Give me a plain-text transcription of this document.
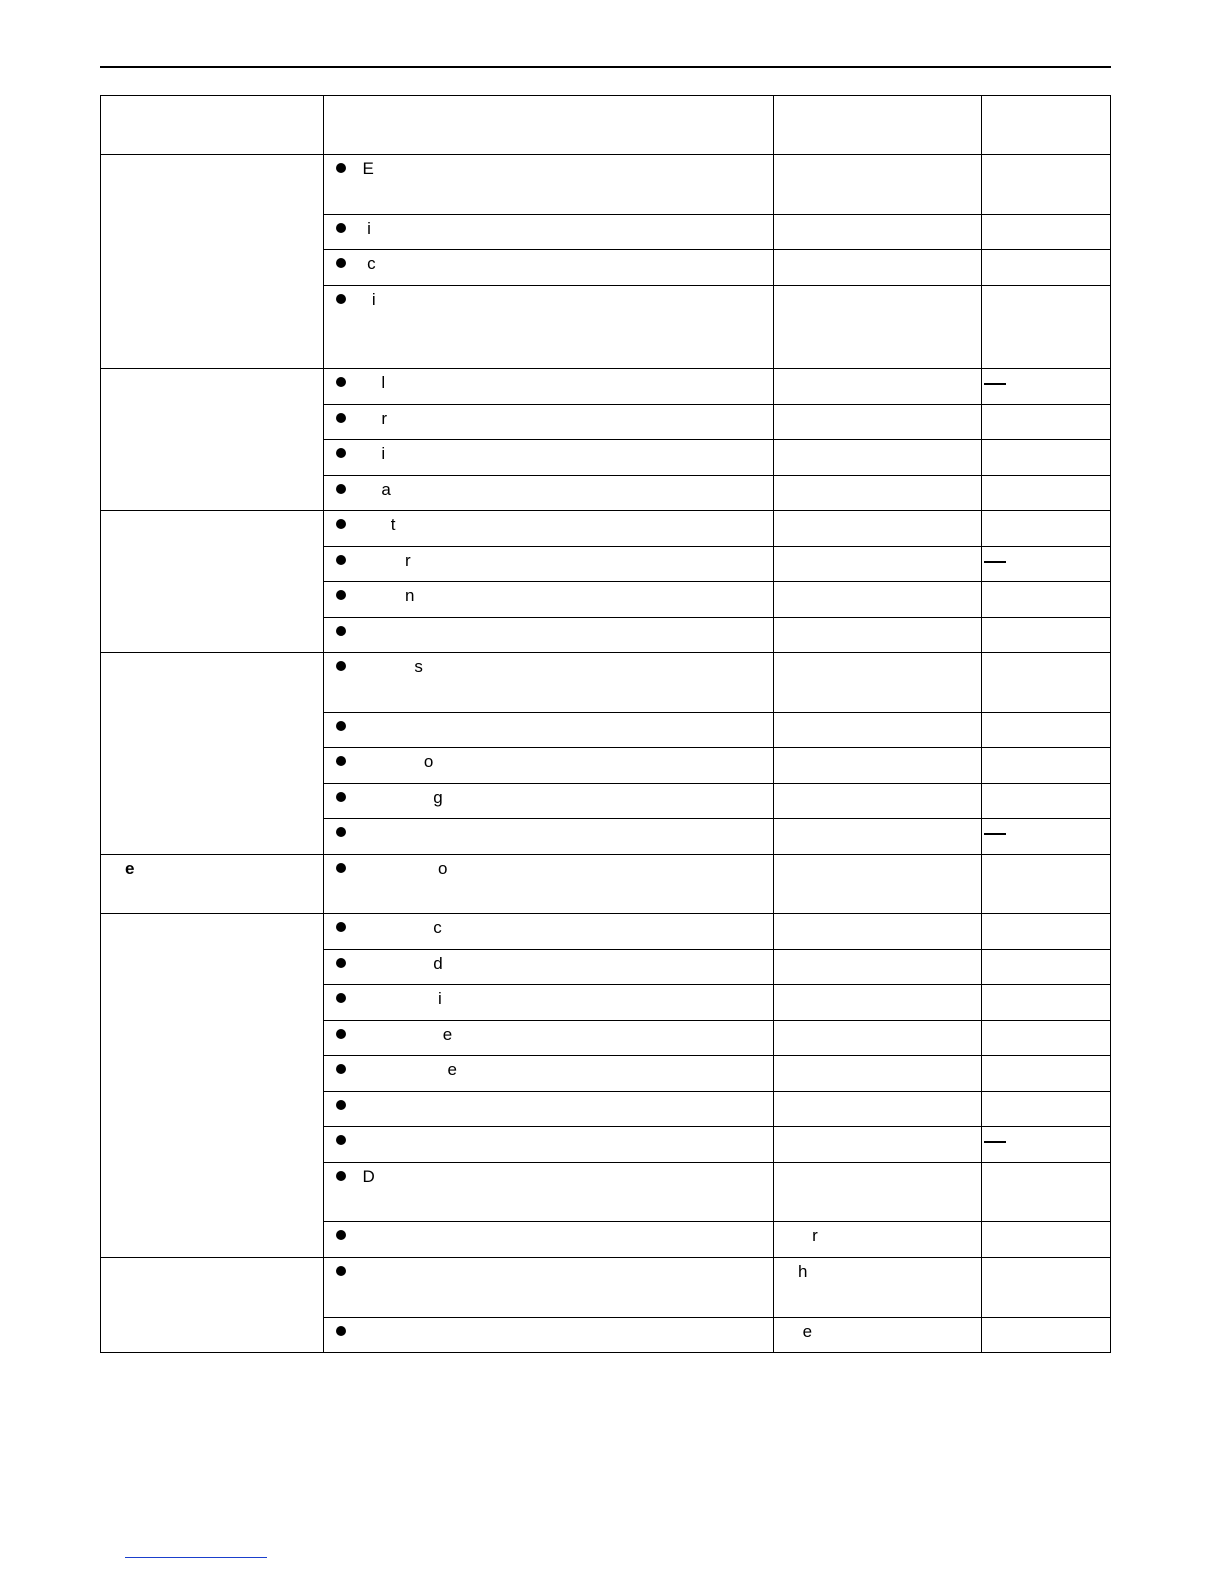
	E		

	i		

	c		

	i		

	l		

	r		

	i		

	a		

	t		

	r		

	n		

	s		

	o		

	g		

e	o		

	c		

	d		

	i		

	e		

	e		

	D		

		r	

		h	

		e	
